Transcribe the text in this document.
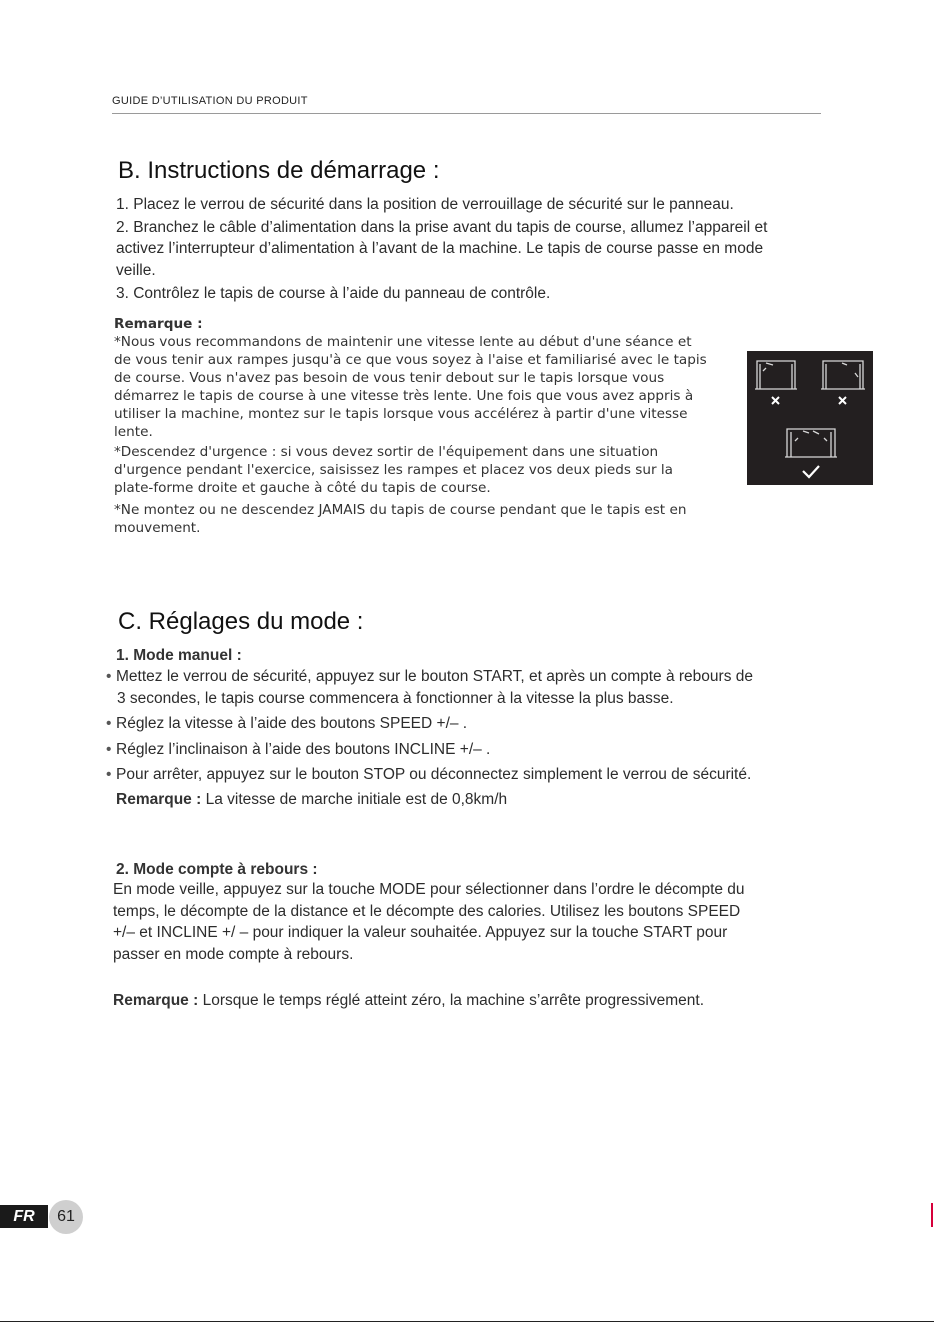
GUIDE D’UTILISATION DU PRODUIT
B. Instructions de démarrage :
1. Placez le verrou de sécurité dans la position de verrouillage de sécurité sur le panneau.
2. Branchez le câble d’alimentation dans la prise avant du tapis de course, allumez l’appareil et
activez l’interrupteur d’alimentation à l’avant de la machine. Le tapis de course passe en mode
veille.
3. Contrôlez le tapis de course à l’aide du panneau de contrôle.
Remarque :
*Nous vous recommandons de maintenir une vitesse lente au début d'une séance et
de vous tenir aux rampes jusqu'à ce que vous soyez à l'aise et familiarisé avec le tapis
de course. Vous n'avez pas besoin de vous tenir debout sur le tapis lorsque vous
démarrez le tapis de course à une vitesse très lente. Une fois que vous avez appris à
utiliser la machine, montez sur le tapis lorsque vous accélérez à partir d'une vitesse
lente.
*Descendez d'urgence : si vous devez sortir de l'équipement dans une situation
d'urgence pendant l'exercice, saisissez les rampes et placez vos deux pieds sur la
plate-forme droite et gauche à côté du tapis de course.
*Ne montez ou ne descendez JAMAIS du tapis de course pendant que le tapis est en
mouvement.
C. Réglages du mode :
1. Mode manuel :
• Mettez le verrou de sécurité, appuyez sur le bouton START, et après un compte à rebours de
3 secondes, le tapis course commencera à fonctionner à la vitesse la plus basse.
• Réglez la vitesse à l’aide des boutons SPEED +/– .
• Réglez l’inclinaison à l’aide des boutons INCLINE +/– .
• Pour arrêter, appuyez sur le bouton STOP ou déconnectez simplement le verrou de sécurité.
Remarque : La vitesse de marche initiale est de 0,8km/h
2. Mode compte à rebours :
En mode veille, appuyez sur la touche MODE pour sélectionner dans l’ordre le décompte du
temps, le décompte de la distance et le décompte des calories. Utilisez les boutons SPEED
+/– et INCLINE +/ – pour indiquer la valeur souhaitée. Appuyez sur la touche START pour
passer en mode compte à rebours.
Remarque : Lorsque le temps réglé atteint zéro, la machine s’arrête progressivement.
FR	61
